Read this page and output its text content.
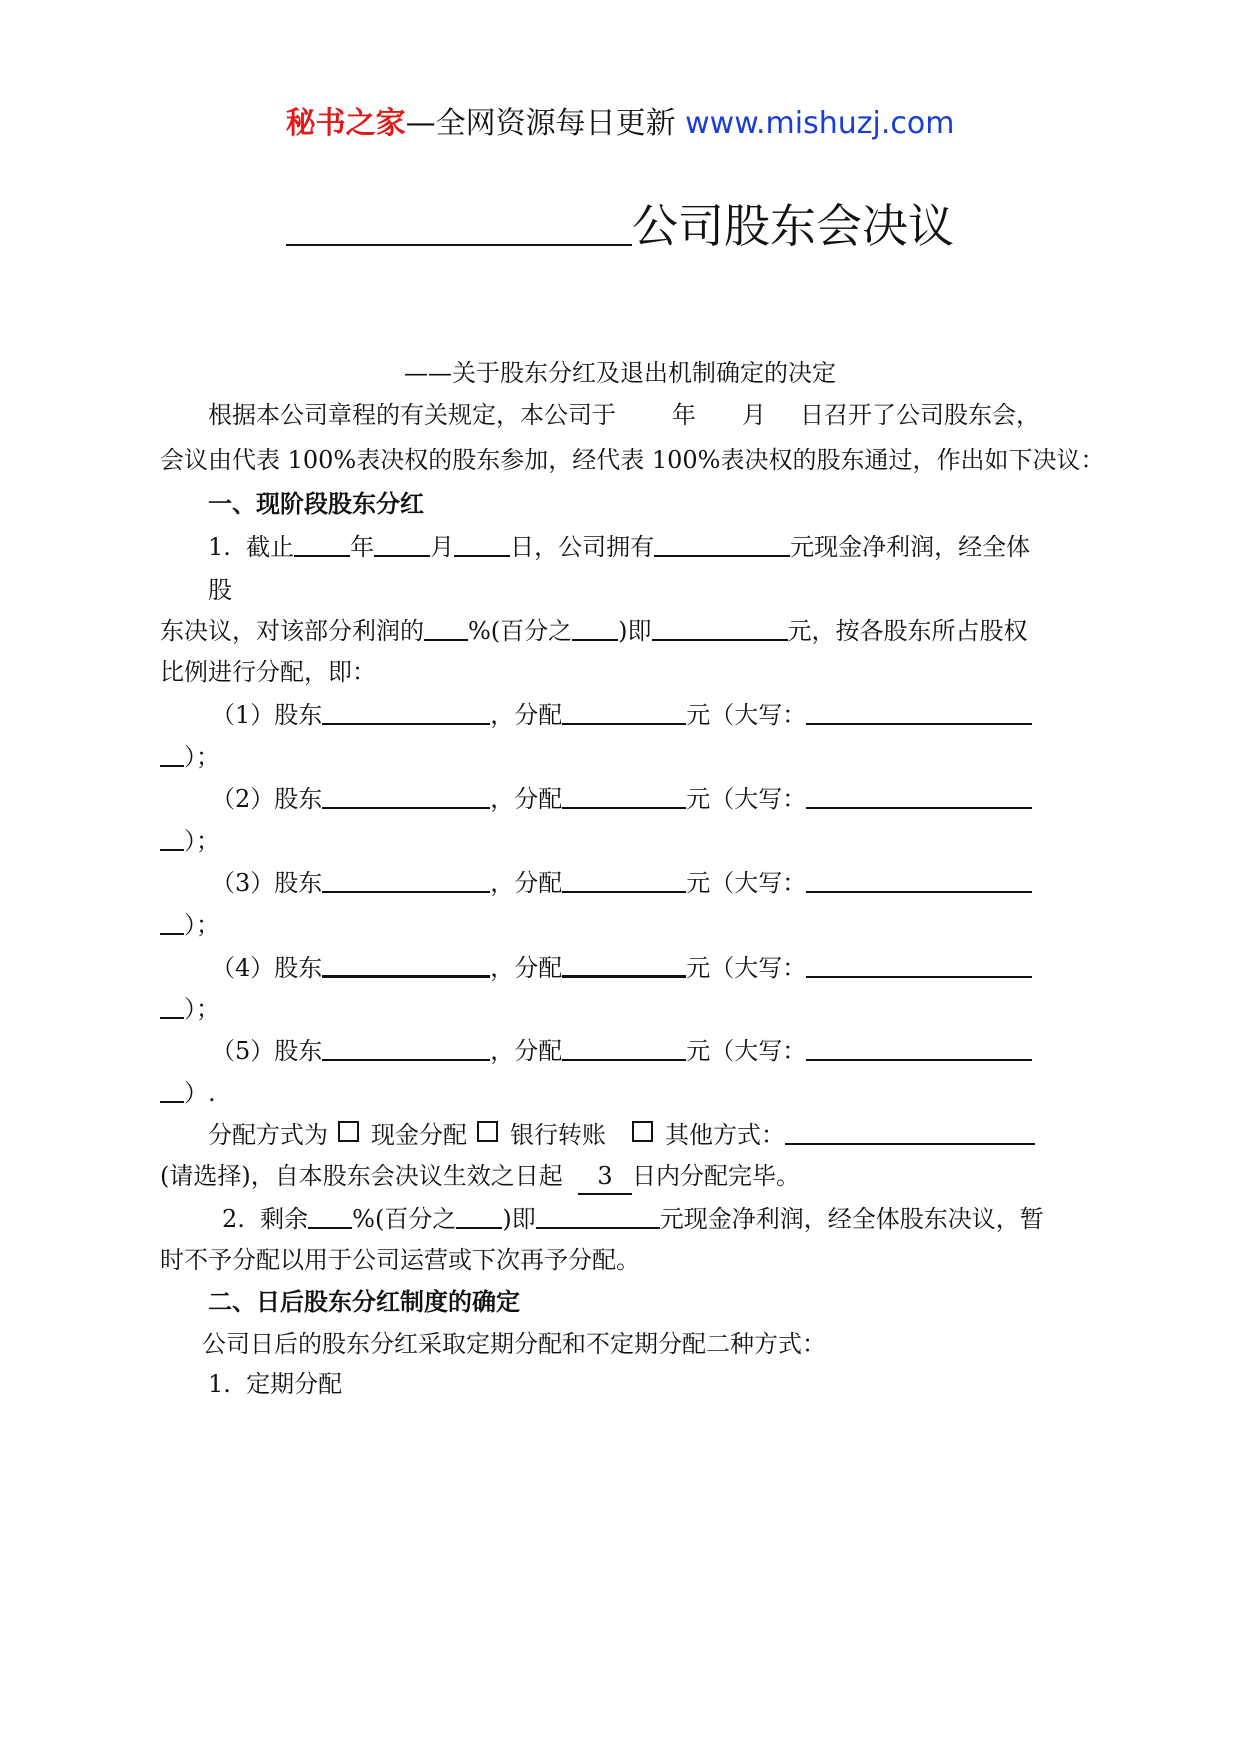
秘书之家—全网资源每日更新 www.mishuzj.com
公司股东会决议
——关于股东分红及退出机制确定的决定
根据本公司章程的有关规定，本公司于 年 月 日召开了公司股东会，
会议由代表 100%表决权的股东参加，经代表 100%表决权的股东通过，作出如下决议：
一、现阶段股东分红
1. 截止 年 月 日，公司拥有	元现金净利润，经全体
股
东决议，对该部分利润的 %(百分之 )即	元，按各股东所占股权
比例进行分配，即：
（1）股东	，分配	元（大写：
）；
（2）股东	，分配	元（大写：
）；
（3）股东	，分配	元（大写：
）；
（4）股东	，分配	元（大写：
）；
（5）股东	，分配	元（大写：
）.
分配方式为 现金分配 银行转账 其他方式：
(请选择)，自本股东会决议生效之日起 3 日内分配完毕。
2. 剩余 %(百分之 )即	元现金净利润，经全体股东决议，暂
时不予分配以用于公司运营或下次再予分配。
二、日后股东分红制度的确定
公司日后的股东分红采取定期分配和不定期分配二种方式：
1.  定期分配
